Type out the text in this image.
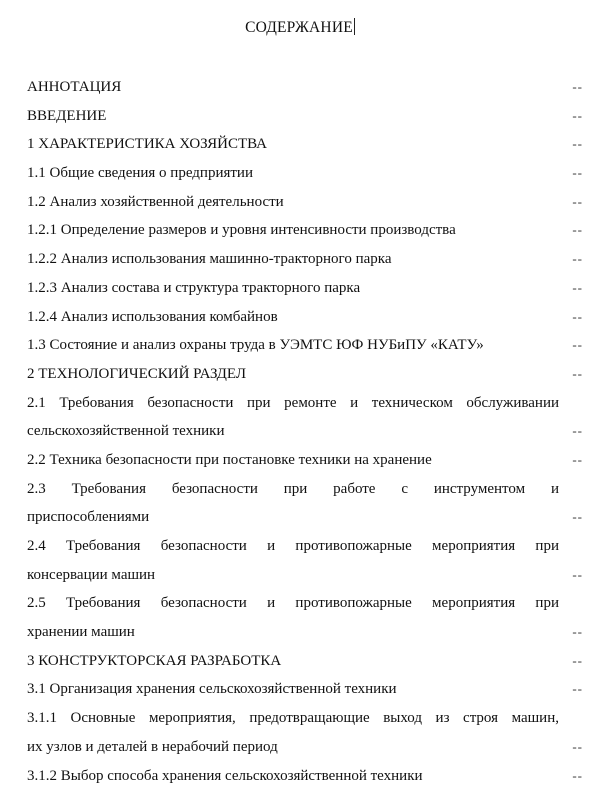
СОДЕРЖАНИЕ
АННОТАЦИЯ	--
ВВЕДЕНИЕ	--
1 ХАРАКТЕРИСТИКА ХОЗЯЙСТВА	--
1.1 Общие сведения о предприятии	--
1.2 Анализ хозяйственной деятельности	--
1.2.1 Определение размеров и уровня интенсивности производства	--
1.2.2 Анализ использования машинно-тракторного парка	--
1.2.3 Анализ состава и структура тракторного парка	--
1.2.4 Анализ использования комбайнов	--
1.3 Состояние и анализ охраны труда в УЭМТС ЮФ НУБиПУ «КАТУ»	--
2 ТЕХНОЛОГИЧЕСКИЙ РАЗДЕЛ	--
2.1 Требования безопасности при ремонте и техническом обслуживании
сельскохозяйственной техники	--
2.2 Техника безопасности при постановке техники на хранение	--
2.3 Требования безопасности при работе с инструментом и
приспособлениями	--
2.4 Требования безопасности и противопожарные мероприятия при
консервации машин	--
2.5 Требования безопасности и противопожарные мероприятия при
хранении машин	--
3 КОНСТРУКТОРСКАЯ РАЗРАБОТКА	--
3.1 Организация хранения сельскохозяйственной техники	--
3.1.1 Основные мероприятия, предотвращающие выход из строя машин,
их узлов и деталей в нерабочий период	--
3.1.2 Выбор способа хранения сельскохозяйственной техники	--
